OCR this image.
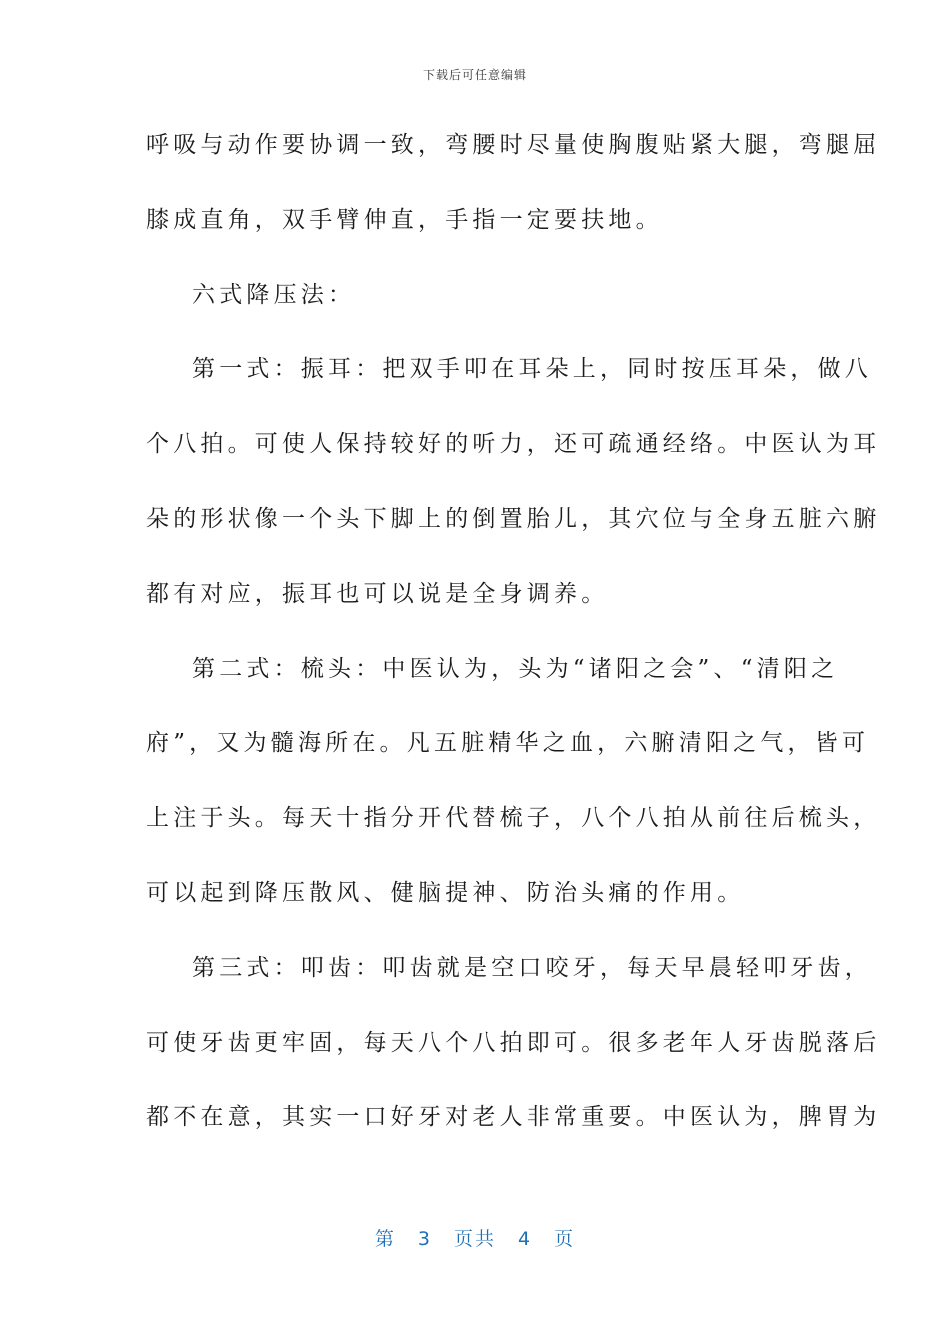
下载后可任意编辑
呼吸与动作要协调一致，弯腰时尽量使胸腹贴紧大腿，弯腿屈
膝成直角，双手臂伸直，手指一定要扶地。
六式降压法：
第一式：振耳：把双手叩在耳朵上，同时按压耳朵，做八
个八拍。可使人保持较好的听力，还可疏通经络。中医认为耳
朵的形状像一个头下脚上的倒置胎儿，其穴位与全身五脏六腑
都有对应，振耳也可以说是全身调养。
第二式：梳头：中医认为，头为“诸阳之会”、“清阳之
府”，又为髓海所在。凡五脏精华之血，六腑清阳之气，皆可
上注于头。每天十指分开代替梳子，八个八拍从前往后梳头，
可以起到降压散风、健脑提神、防治头痛的作用。
第三式：叩齿：叩齿就是空口咬牙，每天早晨轻叩牙齿，
可使牙齿更牢固，每天八个八拍即可。很多老年人牙齿脱落后
都不在意，其实一口好牙对老人非常重要。中医认为，脾胃为
第 3 页共 4 页
